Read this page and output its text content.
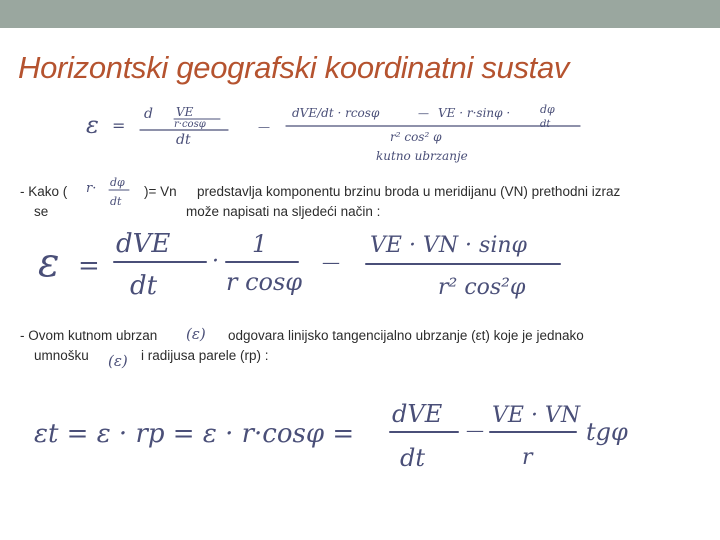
Horizontski geografski koordinatni sustav
ε =
d VE
r·cosφ
dt
—
dVE/dt · rcosφ	— VE · r·sinφ ·	dφ
dt
r² cos² φ
kutno ubrzanje
- Kako ( r· dφ
dt
)= Vn predstavlja komponentu brzinu broda u meridijanu (VN) prethodni izraz
se	može napisati na sljedeći način :
ε =
dVE
dt
·
1
r cosφ
—
VE · VN · sinφ
r² cos²φ
- Ovom kutnom ubrzan (ε) odgovara linijsko tangencijalno ubrzanje (εt) koje je jednako
umnošku (ε) i radijusa parele (rp) :
εt = ε · rp = ε · r·cosφ =
dVE
dt
—
VE · VN
r
tgφ
